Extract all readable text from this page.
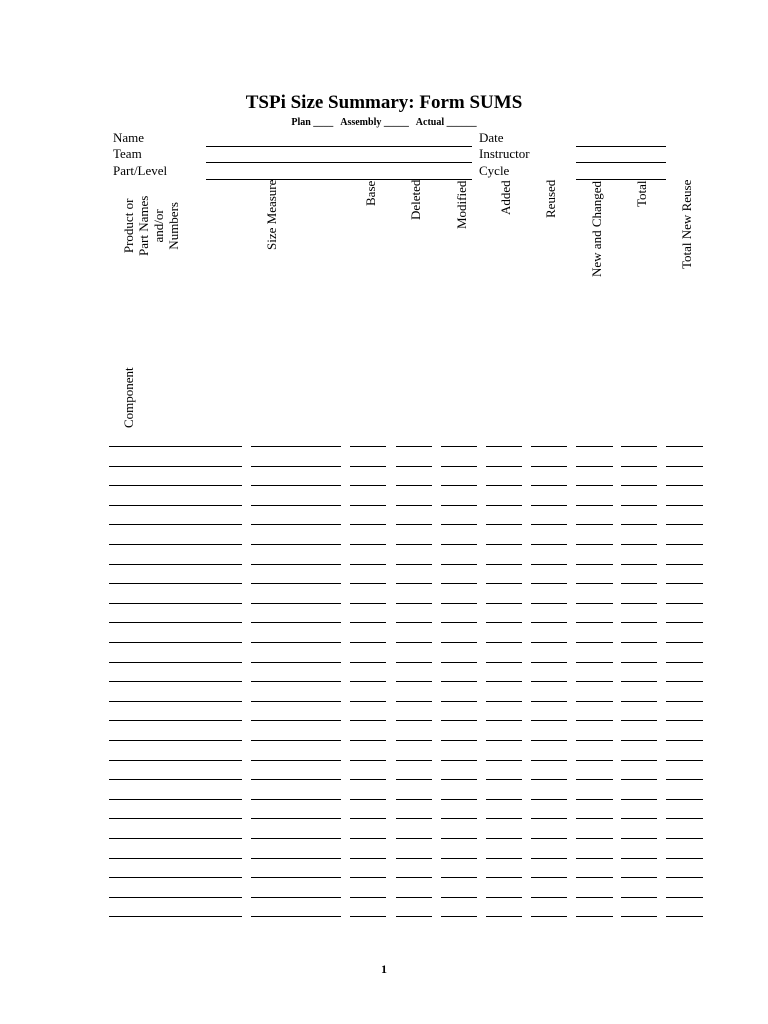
TSPi Size Summary: Form SUMS
Plan ____   Assembly _____   Actual ______
Name
Team
Part/Level
Date
Instructor
Cycle
Product or Part Names and/or Numbers
Component
Size Measure	Base Deleted Modified Added Reused New and Changed Total Total New Reuse
1
